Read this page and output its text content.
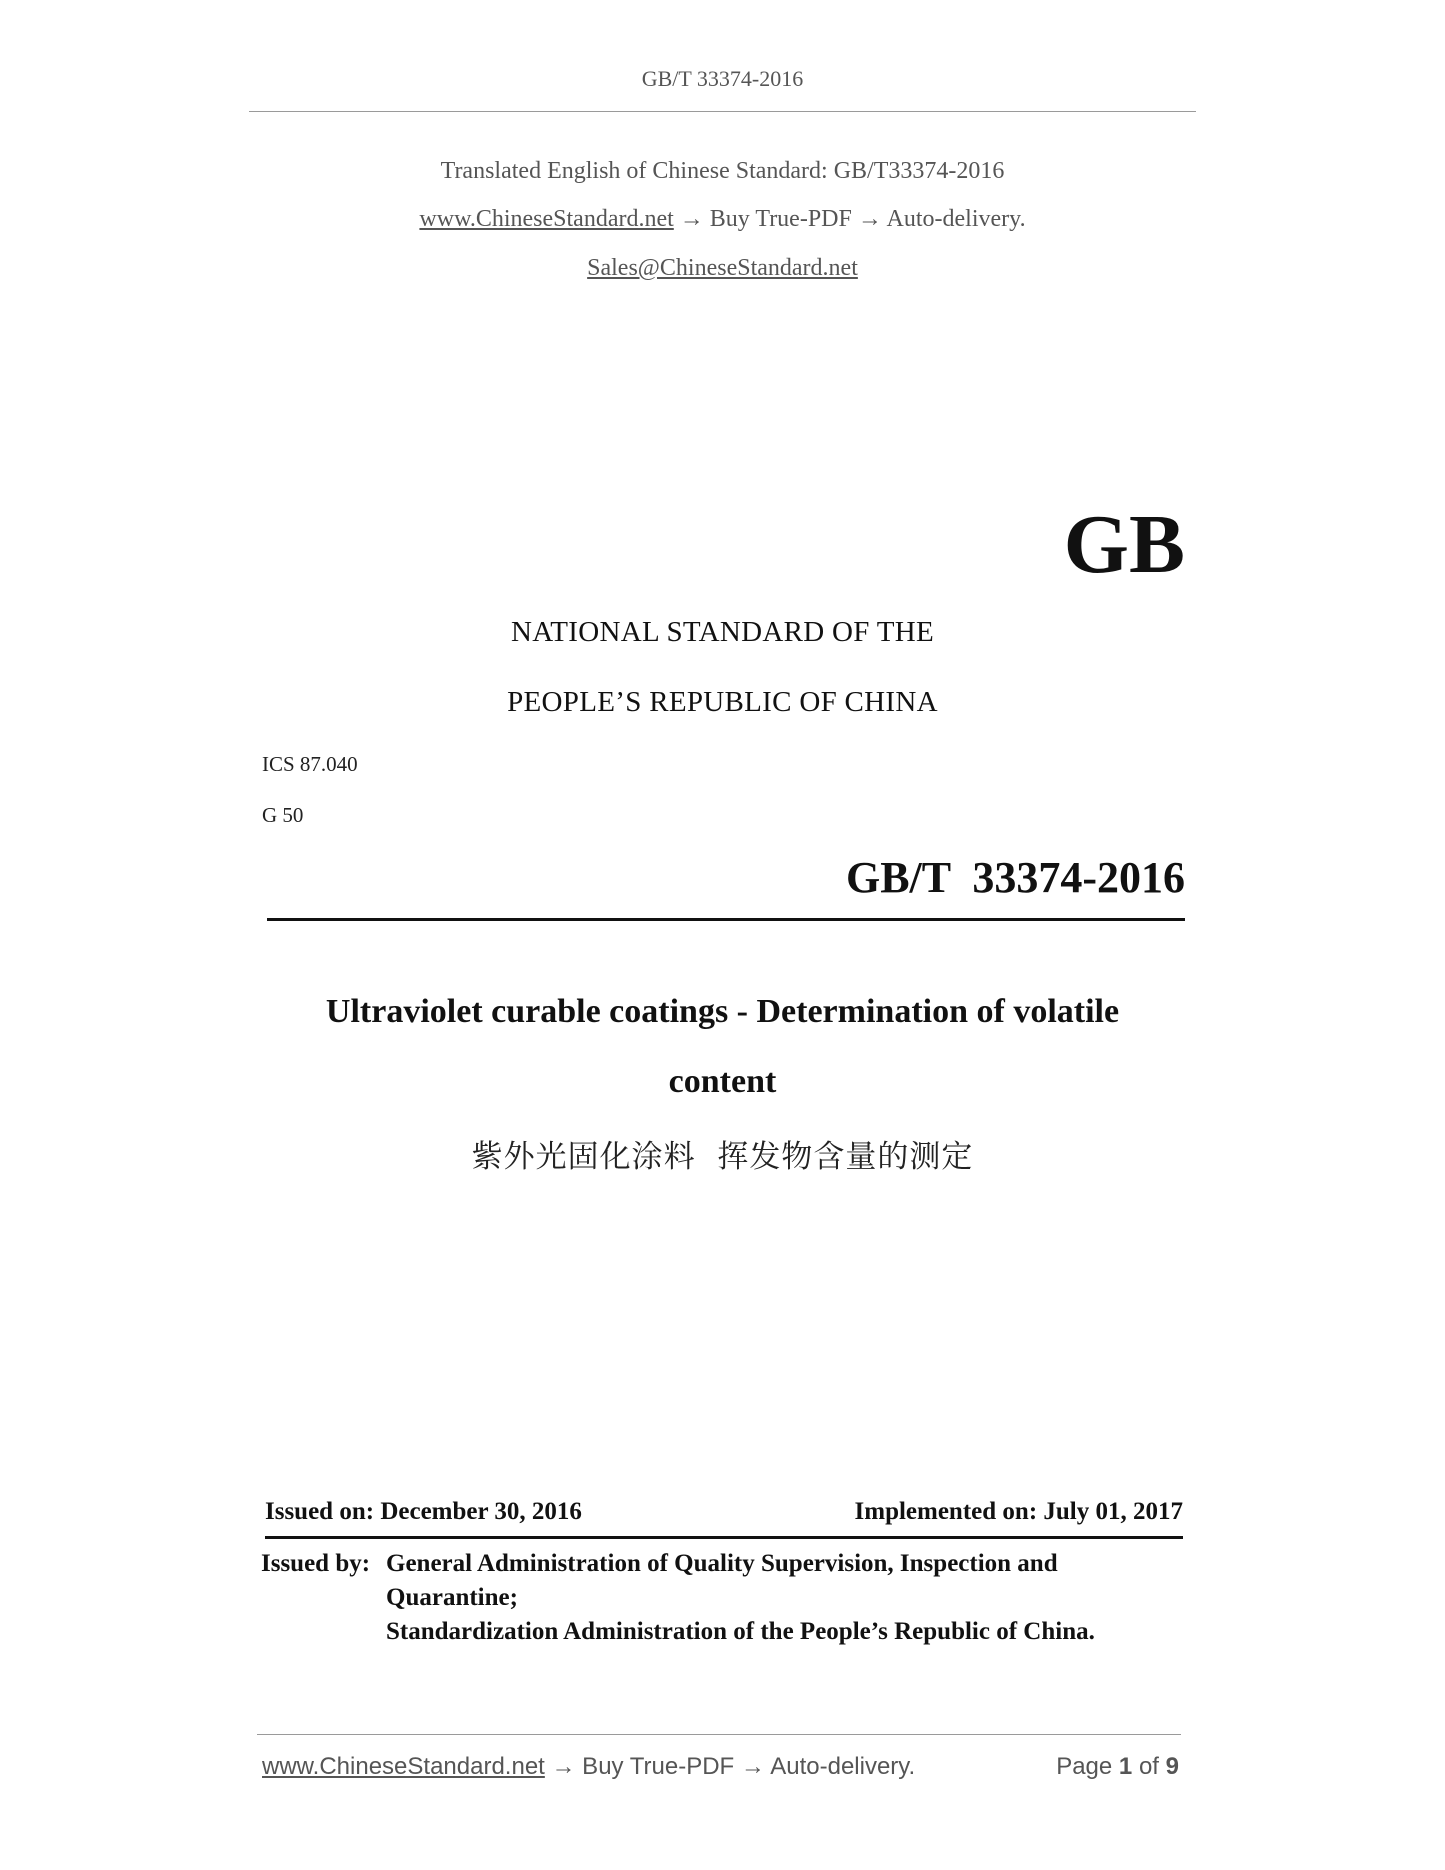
GB/T 33374-2016
Translated English of Chinese Standard: GB/T33374-2016
www.ChineseStandard.net → Buy True-PDF → Auto-delivery.
Sales@ChineseStandard.net
GB
NATIONAL STANDARD OF THE
PEOPLE’S REPUBLIC OF CHINA
ICS 87.040
G 50
GB/T  33374-2016
Ultraviolet curable coatings - Determination of volatile
content
紫外光固化涂料  挥发物含量的测定
Issued on: December 30, 2016	Implemented on: July 01, 2017
Issued by: General Administration of Quality Supervision, Inspection and
Quarantine;
Standardization Administration of the People’s Republic of China.
www.ChineseStandard.net → Buy True-PDF → Auto-delivery.	Page 1 of 9
